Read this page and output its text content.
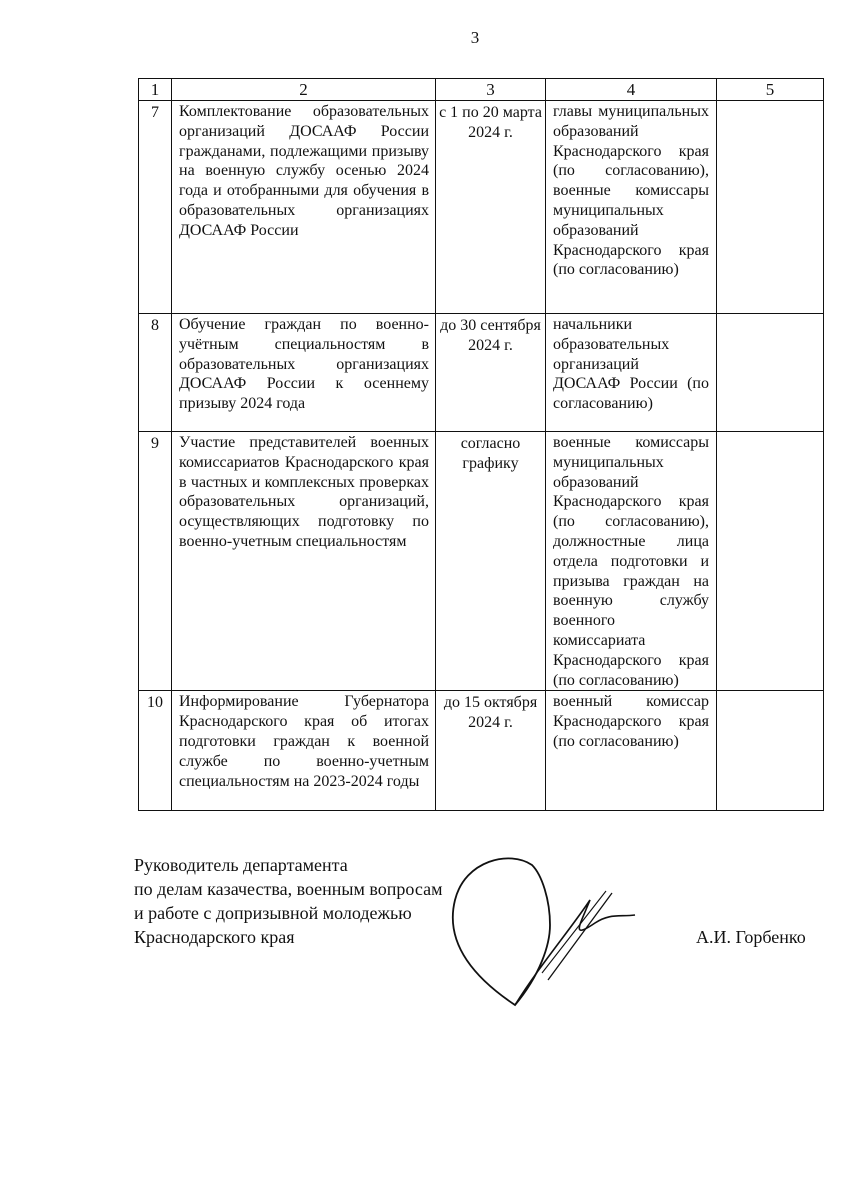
3
1	2	3	4	5
7	Комплектование образовательных организаций ДОСААФ России гражданами, подлежащими призыву на военную службу осенью 2024 года и отобранными для обучения в образовательных организациях ДОСААФ России	с 1 по 20 марта 2024 г.	главы муниципальных образований Краснодарского края (по согласованию), военные комиссары муниципальных образований Краснодарского края (по согласованию)	
8	Обучение граждан по военно-учётным специальностям в образовательных организациях ДОСААФ России к осеннему призыву 2024 года	до 30 сентября 2024 г.	начальники образовательных организаций ДОСААФ России (по согласованию)	
9	Участие представителей военных комиссариатов Краснодарского края в частных и комплексных проверках образовательных организаций, осуществляющих подготовку по военно-учетным специальностям	согласно графику	военные комиссары муниципальных образований Краснодарского края (по согласованию), должностные лица отдела подготовки и призыва граждан на военную службу военного комиссариата Краснодарского края (по согласованию)	
10	Информирование Губернатора Краснодарского края об итогах подготовки граждан к военной службе по военно-учетным специальностям на 2023-2024 годы	до 15 октября 2024 г.	военный комиссар Краснодарского края (по согласованию)	
Руководитель департамента
по делам казачества, военным вопросам
и работе с допризывной молодежью
Краснодарского края	А.И. Горбенко
